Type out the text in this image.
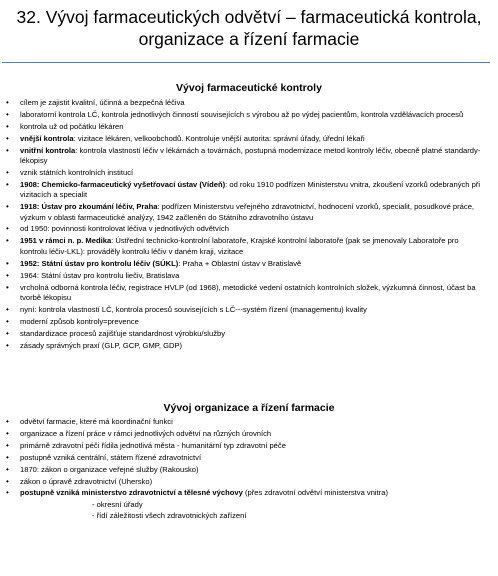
32. Vývoj farmaceutických odvětví – farmaceutická kontrola,
organizace a řízení farmacie
Vývoj farmaceutické kontroly
• cílem je zajistit kvalitní, účinná a bezpečná léčiva
• laboratorní kontrola LČ, kontrola jednotlivých činností souvisejících s výrobou až po výdej pacientům, kontrola vzdělávacích procesů
• kontrola už od počátku lékáren
• vnější kontrola: vizitace lékáren, velkoobchodů. Kontroluje vnější autorita: správní úřady, úřední lékaři
• vnitřní kontrola: kontrola vlastností léčiv v lékárnách a továrnách, postupná modernizace metod kontroly léčiv, obecně platné standardy-lékopisy
• vznik státních kontrolních institucí
• 1908: Chemicko-farmaceutický vyšetřovací ústav (Vídeň): od roku 1910 podřízen Ministerstvu vnitra, zkoušení vzorků odebraných při vizitacích a specialit
• 1918: Ústav pro zkoumání léčiv, Praha: podřízen Ministerstvu veřejného zdravotnictví, hodnocení vzorků, specialit, posudkové práce, výzkum v oblasti farmaceutické analýzy, 1942 začleněn do Státního zdravotního ústavu
• od 1950: povinnosti kontrolovat léčiva v jednotlivých odvětvích
• 1951 v rámci n. p. Medika: Ústřední technicko-kontrolní laboratoře, Krajské kontrolní laboratoře (pak se jmenovaly Laboratoře pro kontrolu léčiv-LKL): prováděly kontrolu léčiv v daném kraji, vizitace
• 1952: Státní ústav pro kontrolu léčiv (SÚKL): Praha + Oblastní ústav v Bratislavě
• 1964: Státní ústav pro kontrolu liečiv, Bratislava
• vrcholná odborná kontrola léčiv, registrace HVLP (od 1968), metodické vedení ostatních kontrolních složek, výzkumná činnost, účast ba tvorbě lékopisu
• nyní: kontrola vlastností LČ, kontrola procesů souvisejících s LČ---systém řízení (managementu) kvality
• moderní způsob kontroly=prevence
• standardizace procesů zajišťuje standardnost výrobku/služby
• zásady správných praxí (GLP, GCP, GMP, GDP)
Vývoj organizace a řízení farmacie
• odvětví farmacie, které má koordinační funkci
• organizace a řízení práce v rámci jednotlivých odvětví na různých úrovních
• primárně zdravotní péči řídila jednotlivá města - humanitární typ zdravotní péče
• postupně vzniká centrální, státem řízené zdravotnictví
• 1870: zákon o organizace veřejné služby (Rakousko)
• zákon o úpravě zdravotnictví (Uhersko)
• postupně vzniká ministerstvo zdravotnictví a tělesné výchovy (přes zdravotní odvětví ministerstva vnitra)
- okresní úřady
- řídí záležitosti všech zdravotnických zařízení
